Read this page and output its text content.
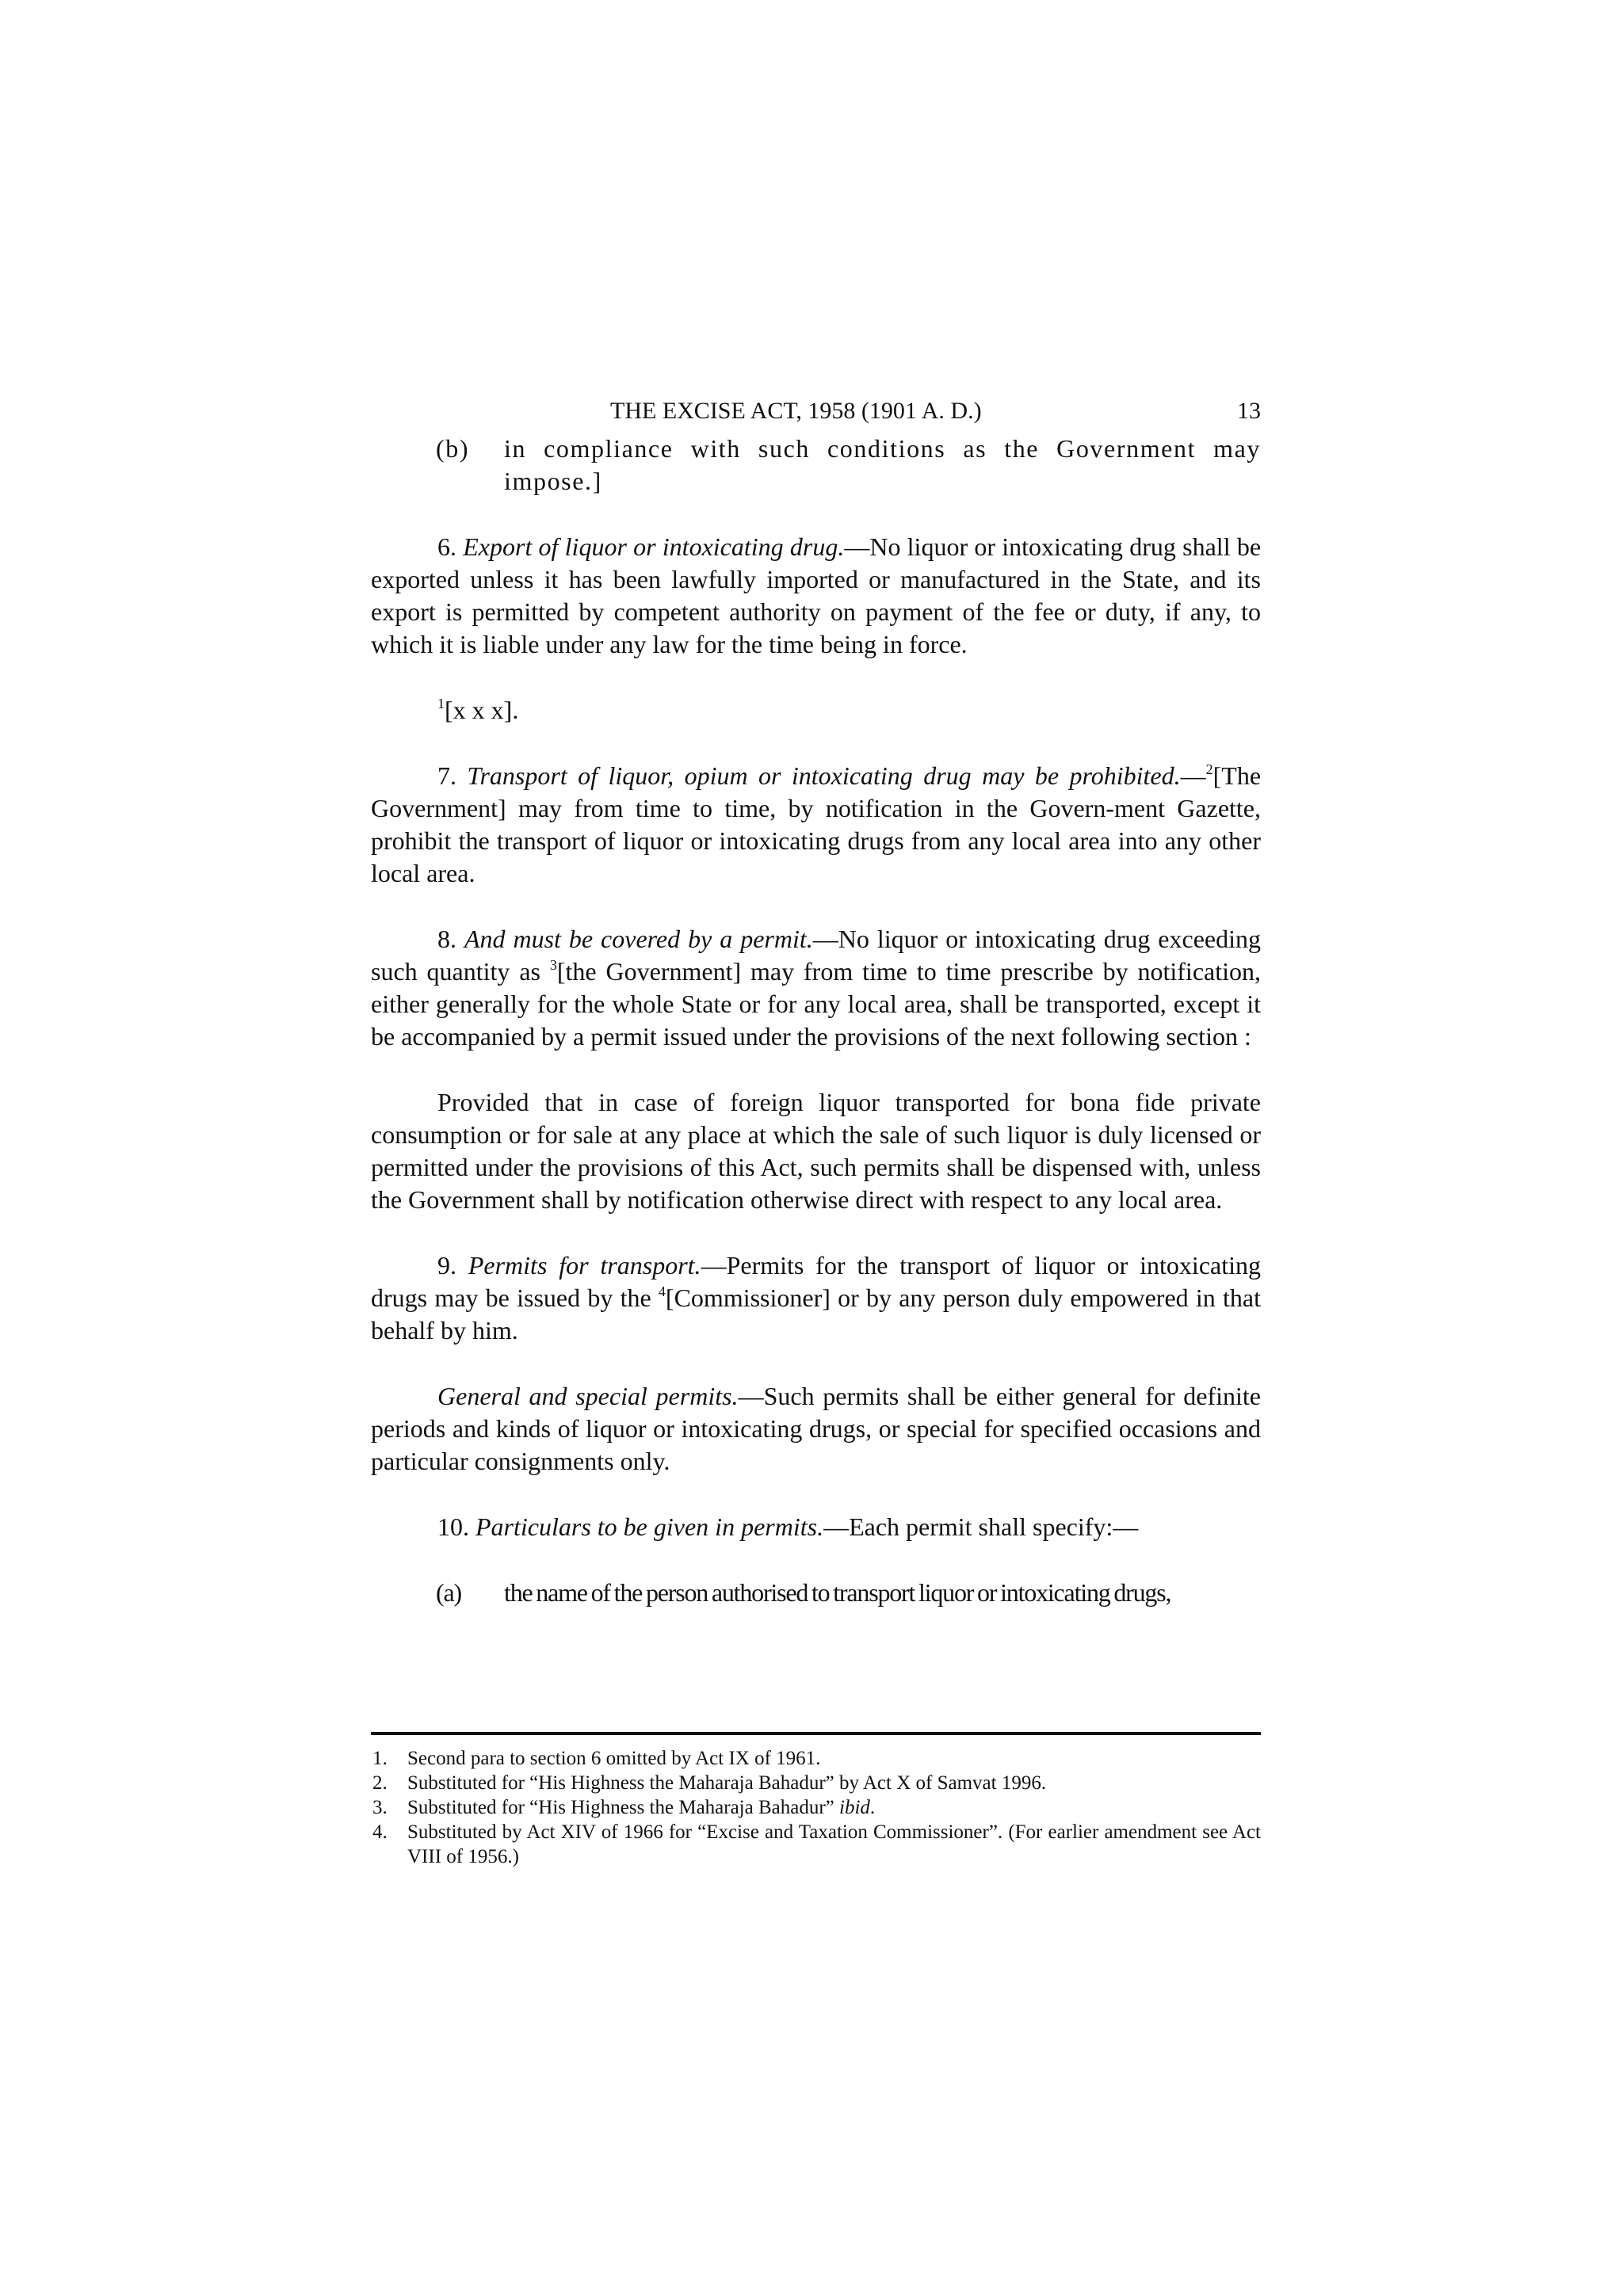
THE EXCISE ACT, 1958 (1901 A. D.)	13
(b)	in compliance with such conditions as the Government may impose.]

6. Export of liquor or intoxicating drug.—No liquor or intoxicating drug shall be exported unless it has been lawfully imported or manufactured in the State, and its export is permitted by competent authority on payment of the fee or duty, if any, to which it is liable under any law for the time being in force.

$^1$[x x x].

7. Transport of liquor, opium or intoxicating drug may be prohibited.—$^2$[The Government] may from time to time, by notification in the Govern-ment Gazette, prohibit the transport of liquor or intoxicating drugs from any local area into any other local area.

8. And must be covered by a permit.—No liquor or intoxicating drug exceeding such quantity as $^3$[the Government] may from time to time prescribe by notification, either generally for the whole State or for any local area, shall be transported, except it be accompanied by a permit issued under the provisions of the next following section :

Provided that in case of foreign liquor transported for bona fide private consumption or for sale at any place at which the sale of such liquor is duly licensed or permitted under the provisions of this Act, such permits shall be dispensed with, unless the Government shall by notification otherwise direct with respect to any local area.

9. Permits for transport.—Permits for the transport of liquor or intoxicating drugs may be issued by the $^4$[Commissioner] or by any person duly empowered in that behalf by him.

General and special permits.—Such permits shall be either general for definite periods and kinds of liquor or intoxicating drugs, or special for specified occasions and particular consignments only.

10. Particulars to be given in permits.—Each permit shall specify:—

(a)	the name of the person authorised to transport liquor or intoxicating drugs,
1.	Second para to section 6 omitted by Act IX of 1961.
2.	Substituted for “His Highness the Maharaja Bahadur” by Act X of Samvat 1996.
3.	Substituted for “His Highness the Maharaja Bahadur” ibid.
4.	Substituted by Act XIV of 1966 for “Excise and Taxation Commissioner”. (For earlier amendment see Act VIII of 1956.)
